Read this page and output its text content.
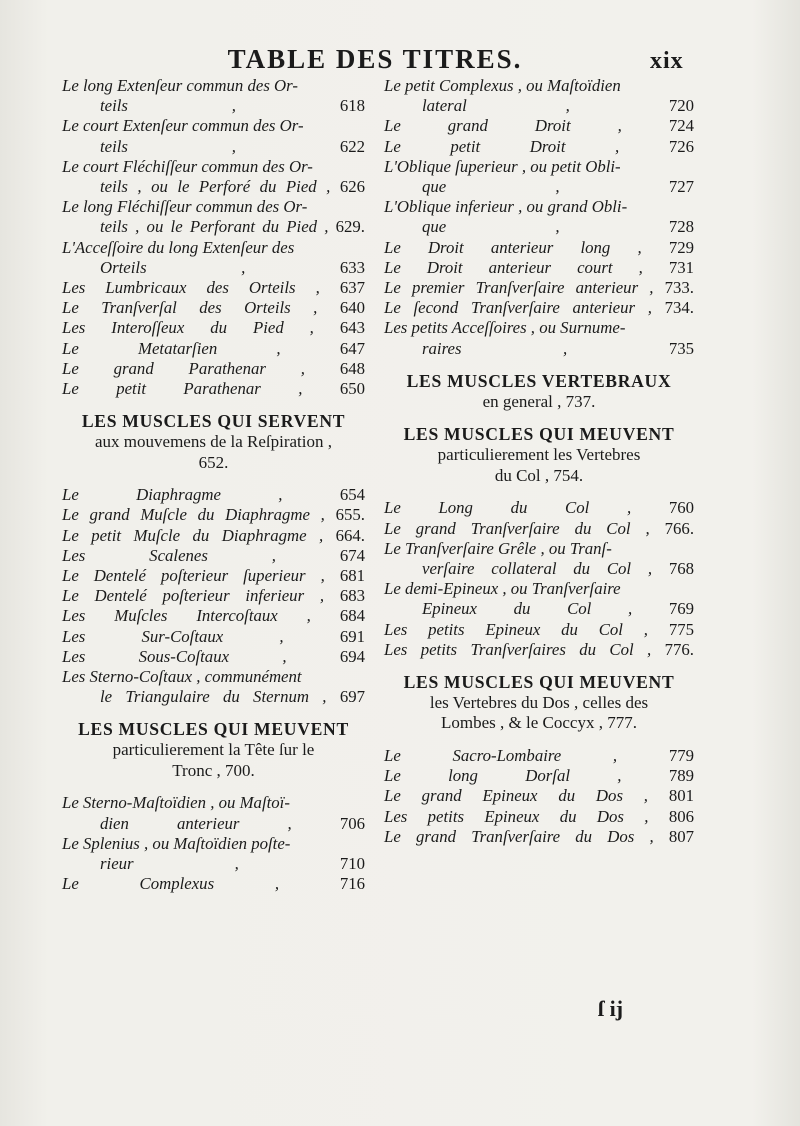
TABLE DES TITRES.	xix
Le long Extenſeur commun des Or-
teils ,	618
Le court Extenſeur commun des Or-
teils ,	622
Le court Fléchiſſeur commun des Or-
teils , ou le Perforé du Pied , 626
Le long Fléchiſſeur commun des Or-
teils , ou le Perforant du Pied , 629.
L'Acceſſoire du long Extenſeur des
Orteils ,	633
Les Lumbricaux des Orteils , 637
Le Tranſverſal des Orteils , 640
Les Interoſſeux du Pied , 643
Le Metatarſien ,	647
Le grand Parathenar , 648
Le petit Parathenar , 650
LES MUSCLES QUI SERVENT
aux mouvemens de la Reſpiration ,
652.
Le Diaphragme ,	654
Le grand Muſcle du Diaphragme , 655.
Le petit Muſcle du Diaphragme , 664.
Les Scalenes ,	674
Le Dentelé poſterieur ſuperieur , 681
Le Dentelé poſterieur inferieur , 683
Les Muſcles Intercoſtaux , 684
Les Sur-Coſtaux ,	691
Les Sous-Coſtaux ,	694
Les Sterno-Coſtaux , communément
le Triangulaire du Sternum , 697
LES MUSCLES QUI MEUVENT
particulierement la Tête ſur le
Tronc , 700.
Le Sterno-Maſtoïdien , ou Maſtoï-
dien anterieur ,	706
Le Splenius , ou Maſtoïdien poſte-
rieur ,	710
Le Complexus ,	716
Le petit Complexus , ou Maſtoïdien
lateral ,	720
Le grand Droit ,	724
Le petit Droit ,	726
L'Oblique ſuperieur , ou petit Obli-
que ,	727
L'Oblique inferieur , ou grand Obli-
que ,	728
Le Droit anterieur long , 729
Le Droit anterieur court , 731
Le premier Tranſverſaire anterieur , 733.
Le ſecond Tranſverſaire anterieur , 734.
Les petits Acceſſoires , ou Surnume-
raires ,	735
LES MUSCLES VERTEBRAUX
en general , 737.
LES MUSCLES QUI MEUVENT
particulierement les Vertebres
du Col , 754.
Le Long du Col , 760
Le grand Tranſverſaire du Col , 766.
Le Tranſverſaire Grêle , ou Tranſ-
verſaire collateral du Col , 768
Le demi-Epineux , ou Tranſverſaire
Epineux du Col , 769
Les petits Epineux du Col , 775
Les petits Tranſverſaires du Col , 776.
LES MUSCLES QUI MEUVENT
les Vertebres du Dos , celles des
Lombes , & le Coccyx , 777.
Le Sacro-Lombaire ,	779
Le long Dorſal ,	789
Le grand Epineux du Dos , 801
Les petits Epineux du Dos , 806
Le grand Tranſverſaire du Dos , 807
ſ ij
